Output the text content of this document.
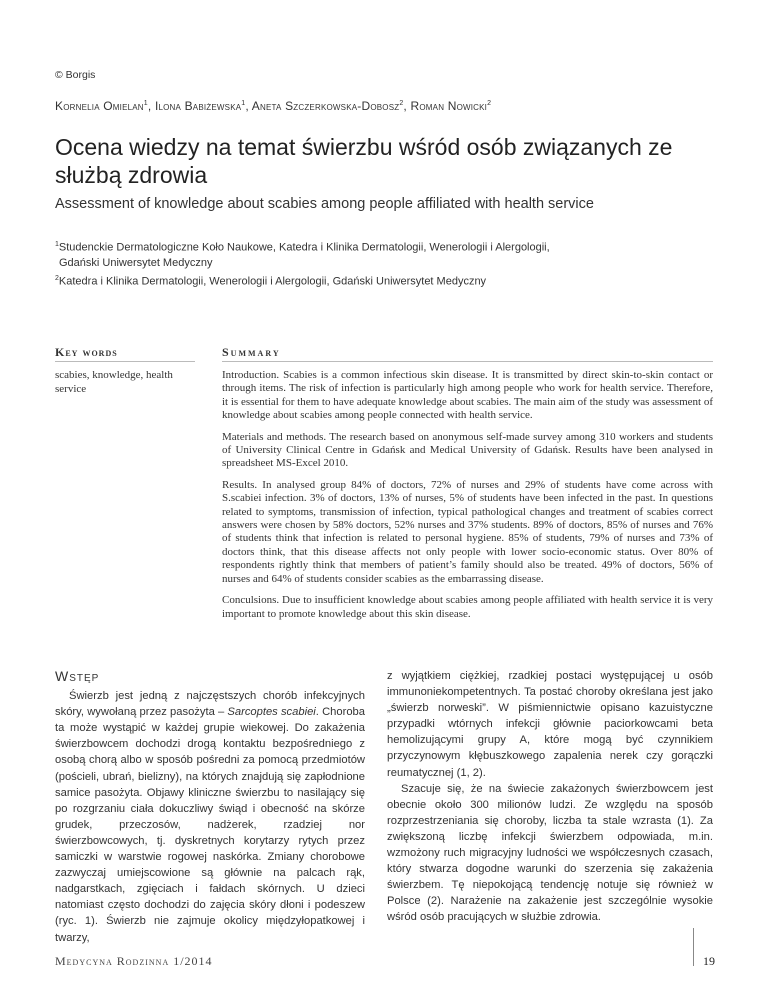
© Borgis
Kornelia Omielan$^1$, Ilona Babiżewska$^1$, Aneta Szczerkowska-Dobosz$^2$, Roman Nowicki$^2$
Ocena wiedzy na temat świerzbu wśród osób związanych ze służbą zdrowia
Assessment of knowledge about scabies among people affiliated with health service
$^1$Studenckie Dermatologiczne Koło Naukowe, Katedra i Klinika Dermatologii, Wenerologii i Alergologii,
Gdański Uniwersytet Medyczny
$^2$Katedra i Klinika Dermatologii, Wenerologii i Alergologii, Gdański Uniwersytet Medyczny
Key words	Summary
scabies, knowledge, health service

Introduction. Scabies is a common infectious skin disease. It is transmitted by direct skin-to-skin contact or through items. The risk of infection is particularly high among people who work for health service. Therefore, it is essential for them to have adequate knowledge about scabies. The main aim of the study was assessment of knowledge about scabies among people connected with health service.

Materials and methods. The research based on anonymous self-made survey among 310 workers and students of University Clinical Centre in Gdańsk and Medical University of Gdańsk. Results have been analysed in spreadsheet MS-Excel 2010.

Results. In analysed group 84% of doctors, 72% of nurses and 29% of students have come across with S.scabiei infection. 3% of doctors, 13% of nurses, 5% of students have been infected in the past. In questions related to symptoms, transmission of infection, typical pathological changes and treatment of scabies correct answers were chosen by 58% doctors, 52% nurses and 37% students. 89% of doctors, 85% of nurses and 76% of students think that infection is related to personal hygiene. 85% of students, 79% of nurses and 73% of doctors think, that this disease affects not only people with lower socio-economic status. Over 80% of respondents rightly think that members of patient’s family should also be treated. 49% of doctors, 56% of nurses and 64% of students consider scabies as the embarrassing disease.

Conculsions. Due to insufficient knowledge about scabies among people affiliated with health service it is very important to promote knowledge about this skin disease.

Wstęp

Świerzb jest jedną z najczęstszych chorób infekcyjnych skóry, wywołaną przez pasożyta – Sarcoptes scabiei. Choroba ta może wystąpić w każdej grupie wiekowej. Do zakażenia świerzbowcem dochodzi drogą kontaktu bezpośredniego z osobą chorą albo w sposób pośredni za pomocą przedmiotów (pościeli, ubrań, bielizny), na których znajdują się zapłodnione samice pasożyta. Objawy kliniczne świerzbu to nasilający się po rozgrzaniu ciała dokuczliwy świąd i obecność na skórze grudek, przeczosów, nadżerek, rzadziej nor świerzbowcowych, tj. dyskretnych korytarzy rytych przez samiczki w warstwie rogowej naskórka. Zmiany chorobowe zazwyczaj umiejscowione są głównie na palcach rąk, nadgarstkach, zgięciach i fałdach skórnych. U dzieci natomiast często dochodzi do zajęcia skóry dłoni i podeszew (ryc. 1). Świerzb nie zajmuje okolicy międzyłopatkowej i twarzy,

z wyjątkiem ciężkiej, rzadkiej postaci występującej u osób immunoniekompetentnych. Ta postać choroby określana jest jako „świerzb norweski”. W piśmiennictwie opisano kazuistyczne przypadki wtórnych infekcji głównie paciorkowcami beta hemolizującymi grupy A, które mogą być czynnikiem przyczynowym kłębuszkowego zapalenia nerek czy gorączki reumatycznej (1, 2).

Szacuje się, że na świecie zakażonych świerzbowcem jest obecnie około 300 milionów ludzi. Ze względu na sposób rozprzestrzeniania się choroby, liczba ta stale wzrasta (1). Za zwiększoną liczbę infekcji świerzbem odpowiada, m.in. wzmożony ruch migracyjny ludności we współczesnych czasach, który stwarza dogodne warunki do szerzenia się zakażenia świerzbem. Tę niepokojącą tendencję notuje się również w Polsce (2). Narażenie na zakażenie jest szczególnie wysokie wśród osób pracujących w służbie zdrowia.

Medycyna Rodzinna 1/2014	19
